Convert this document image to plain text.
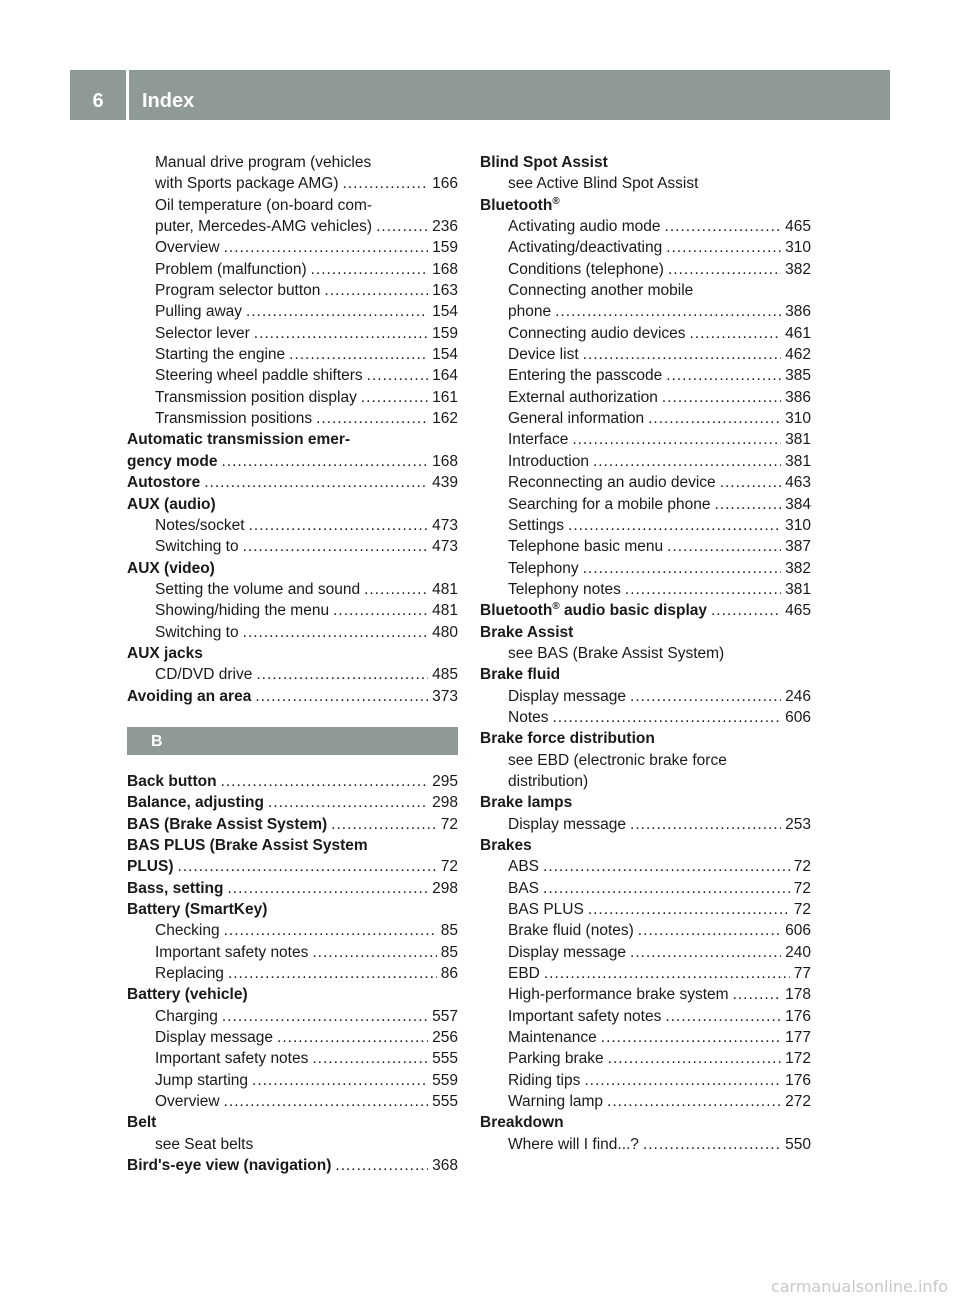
6	Index
Manual drive program (vehicles
with Sports package AMG) .....	166
Oil temperature (on-board com-
puter, Mercedes-AMG vehicles) .....	236
Overview .....	159
Problem (malfunction) .....	168
Program selector button .....	163
Pulling away .....	154
Selector lever .....	159
Starting the engine .....	154
Steering wheel paddle shifters .....	164
Transmission position display .....	161
Transmission positions .....	162
Automatic transmission emer-
gency mode .....	168
Autostore .....	439
AUX (audio)
Notes/socket .....	473
Switching to .....	473
AUX (video)
Setting the volume and sound .....	481
Showing/hiding the menu .....	481
Switching to .....	480
AUX jacks
CD/DVD drive .....	485
Avoiding an area .....	373
B
Back button .....	295
Balance, adjusting .....	298
BAS (Brake Assist System) .....	72
BAS PLUS (Brake Assist System
PLUS) .....	72
Bass, setting .....	298
Battery (SmartKey)
Checking .....	85
Important safety notes .....	85
Replacing .....	86
Battery (vehicle)
Charging .....	557
Display message .....	256
Important safety notes .....	555
Jump starting .....	559
Overview .....	555
Belt
see Seat belts
Bird's-eye view (navigation) .....	368
Blind Spot Assist
see Active Blind Spot Assist
Bluetooth®
Activating audio mode .....	465
Activating/deactivating .....	310
Conditions (telephone) .....	382
Connecting another mobile
phone .....	386
Connecting audio devices .....	461
Device list .....	462
Entering the passcode .....	385
External authorization .....	386
General information .....	310
Interface .....	381
Introduction .....	381
Reconnecting an audio device .....	463
Searching for a mobile phone .....	384
Settings .....	310
Telephone basic menu .....	387
Telephony .....	382
Telephony notes .....	381
Bluetooth® audio basic display .....	465
Brake Assist
see BAS (Brake Assist System)
Brake fluid
Display message .....	246
Notes .....	606
Brake force distribution
see EBD (electronic brake force
distribution)
Brake lamps
Display message .....	253
Brakes
ABS .....	72
BAS .....	72
BAS PLUS .....	72
Brake fluid (notes) .....	606
Display message .....	240
EBD .....	77
High-performance brake system .....	178
Important safety notes .....	176
Maintenance .....	177
Parking brake .....	172
Riding tips .....	176
Warning lamp .....	272
Breakdown
Where will I find...? .....	550
carmanualsonline.info
